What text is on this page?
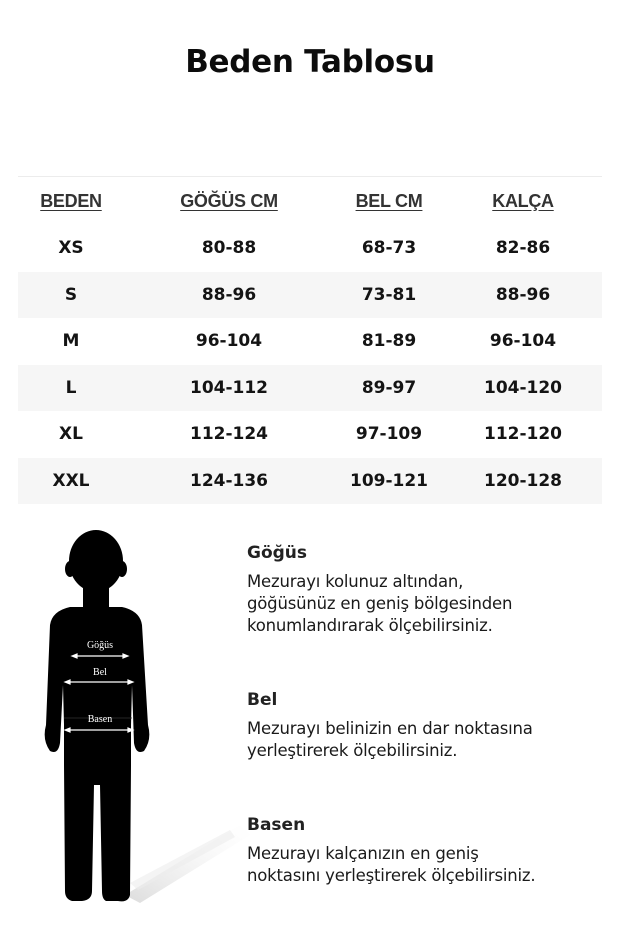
Beden Tablosu
BEDEN	GÖĞÜS CM	BEL CM	KALÇA
XS	80-88	68-73	82-86
S	88-96	73-81	88-96
M	96-104	81-89	96-104
L	104-112	89-97	104-120
XL	112-124	97-109	112-120
XXL	124-136	109-121	120-128
Göğüs
Bel
Basen
Göğüs
Mezurayı kolunuz altından,
göğüsünüz en geniş bölgesinden
konumlandırarak ölçebilirsiniz.
Bel
Mezurayı belinizin en dar noktasına
yerleştirerek ölçebilirsiniz.
Basen
Mezurayı kalçanızın en geniş
noktasını yerleştirerek ölçebilirsiniz.
